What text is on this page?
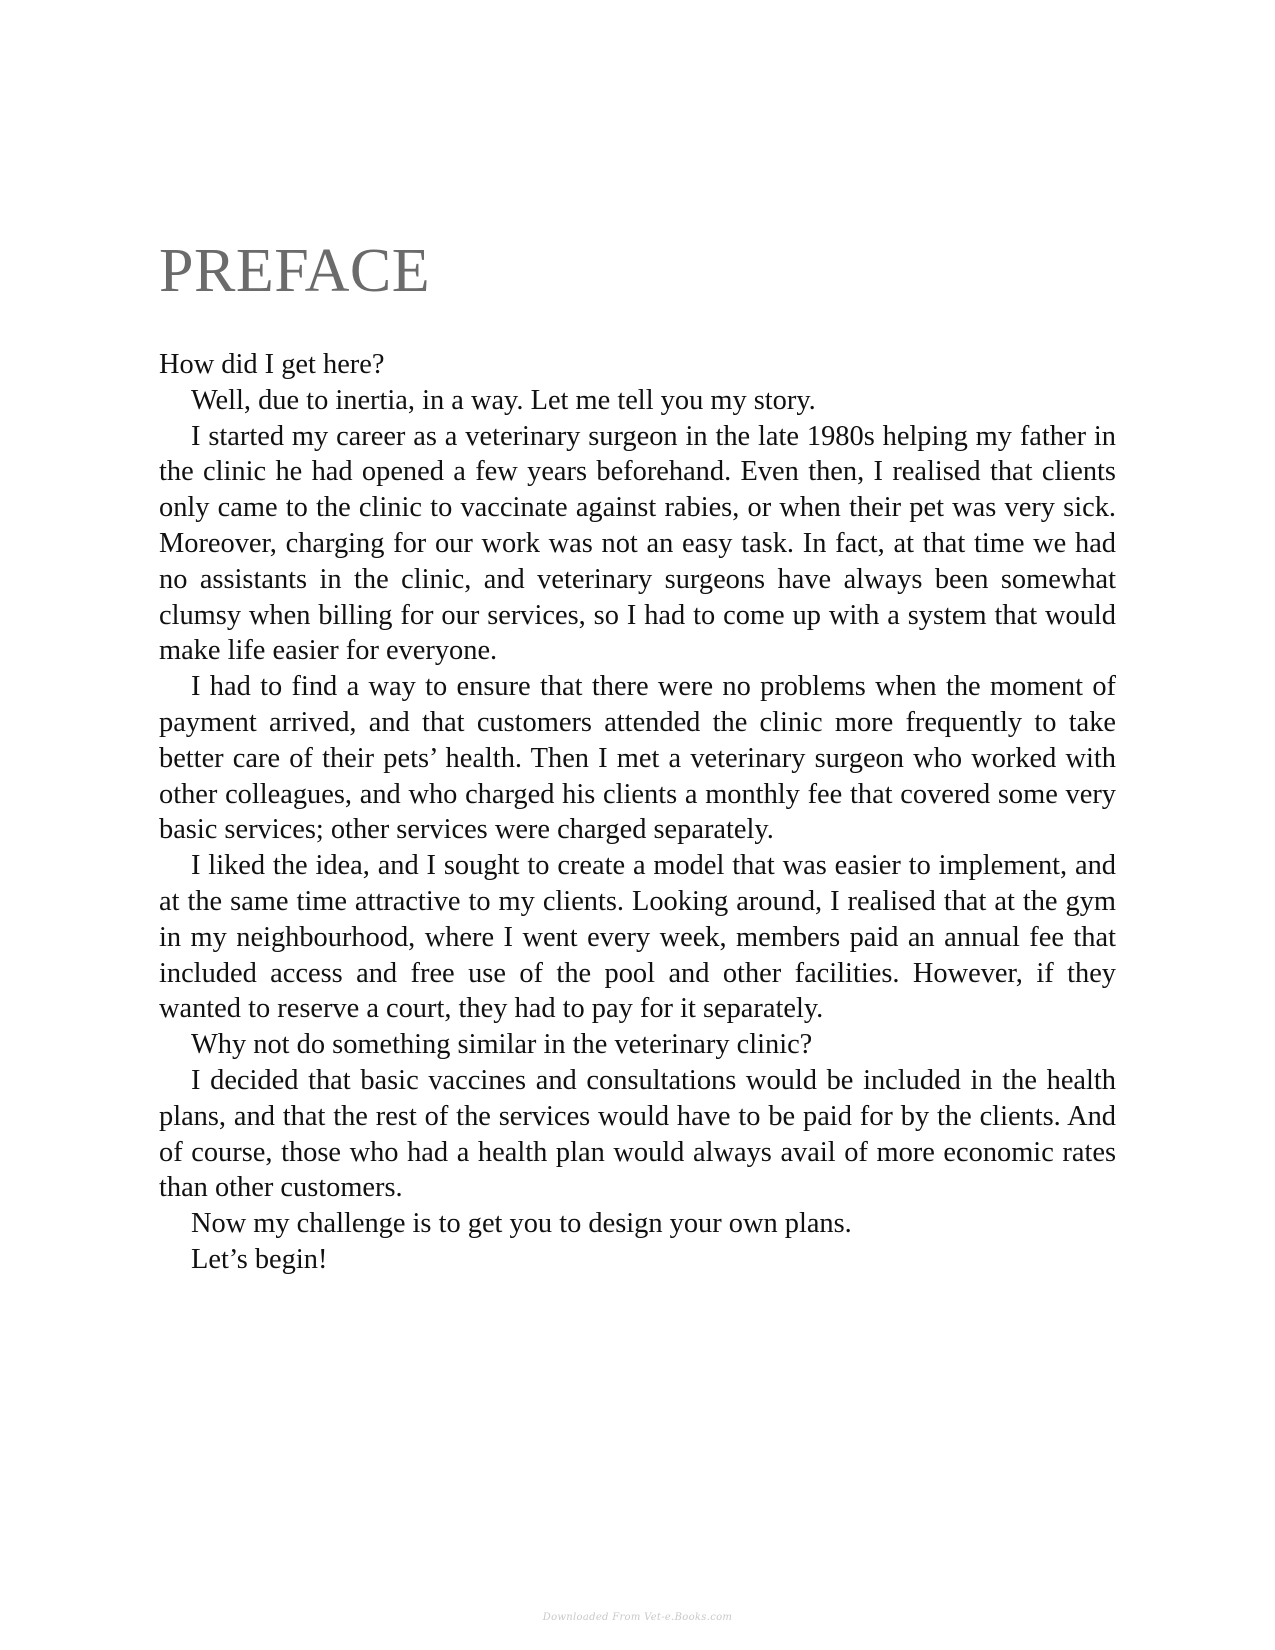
PREFACE

How did I get here?

Well, due to inertia, in a way. Let me tell you my story.

I started my career as a veterinary surgeon in the late 1980s helping my father in the clinic he had opened a few years beforehand. Even then, I realised that clients only came to the clinic to vaccinate against rabies, or when their pet was very sick. Moreover, charging for our work was not an easy task. In fact, at that time we had no assistants in the clinic, and veterinary surgeons have always been somewhat clumsy when billing for our services, so I had to come up with a system that would make life easier for everyone.

I had to find a way to ensure that there were no problems when the moment of payment arrived, and that customers attended the clinic more frequently to take better care of their pets’ health. Then I met a veterinary surgeon who worked with other colleagues, and who charged his clients a monthly fee that covered some very basic services; other services were charged separately.

I liked the idea, and I sought to create a model that was easier to implement, and at the same time attractive to my clients. Looking around, I realised that at the gym in my neighbourhood, where I went every week, members paid an annual fee that included access and free use of the pool and other facilities. However, if they wanted to reserve a court, they had to pay for it separately.

Why not do something similar in the veterinary clinic?

I decided that basic vaccines and consultations would be included in the health plans, and that the rest of the services would have to be paid for by the clients. And of course, those who had a health plan would always avail of more economic rates than other customers.

Now my challenge is to get you to design your own plans.

Let’s begin!

Downloaded From Vet-e.Books.com
